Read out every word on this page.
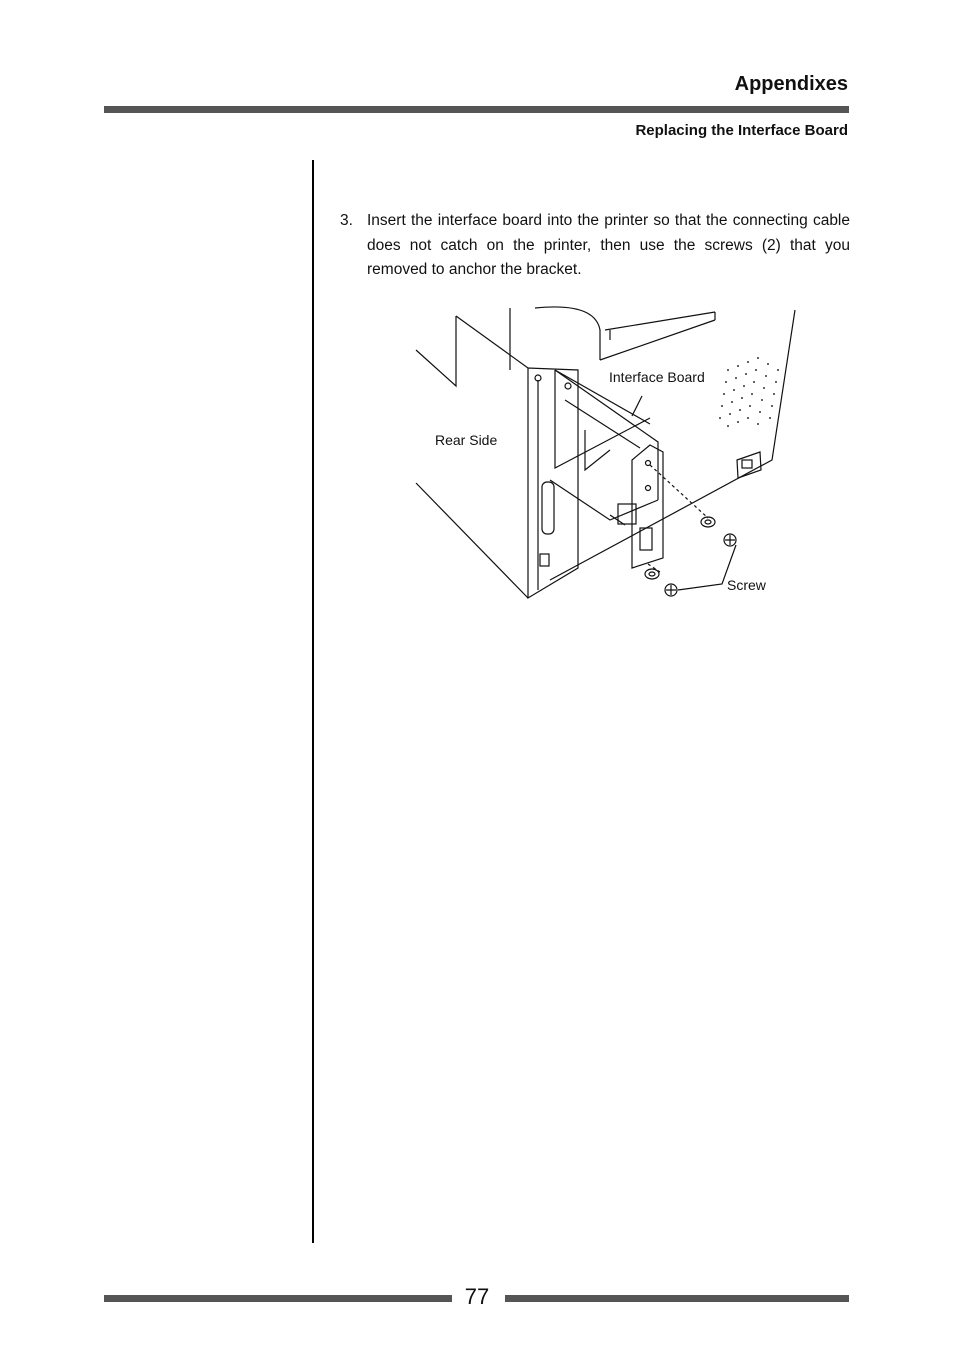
Appendixes
Replacing the Interface Board
3. Insert the interface board into the printer so that the connecting cable does not catch on the printer, then use the screws (2) that you removed to anchor the bracket.
Interface Board
Rear Side
Screw
77
